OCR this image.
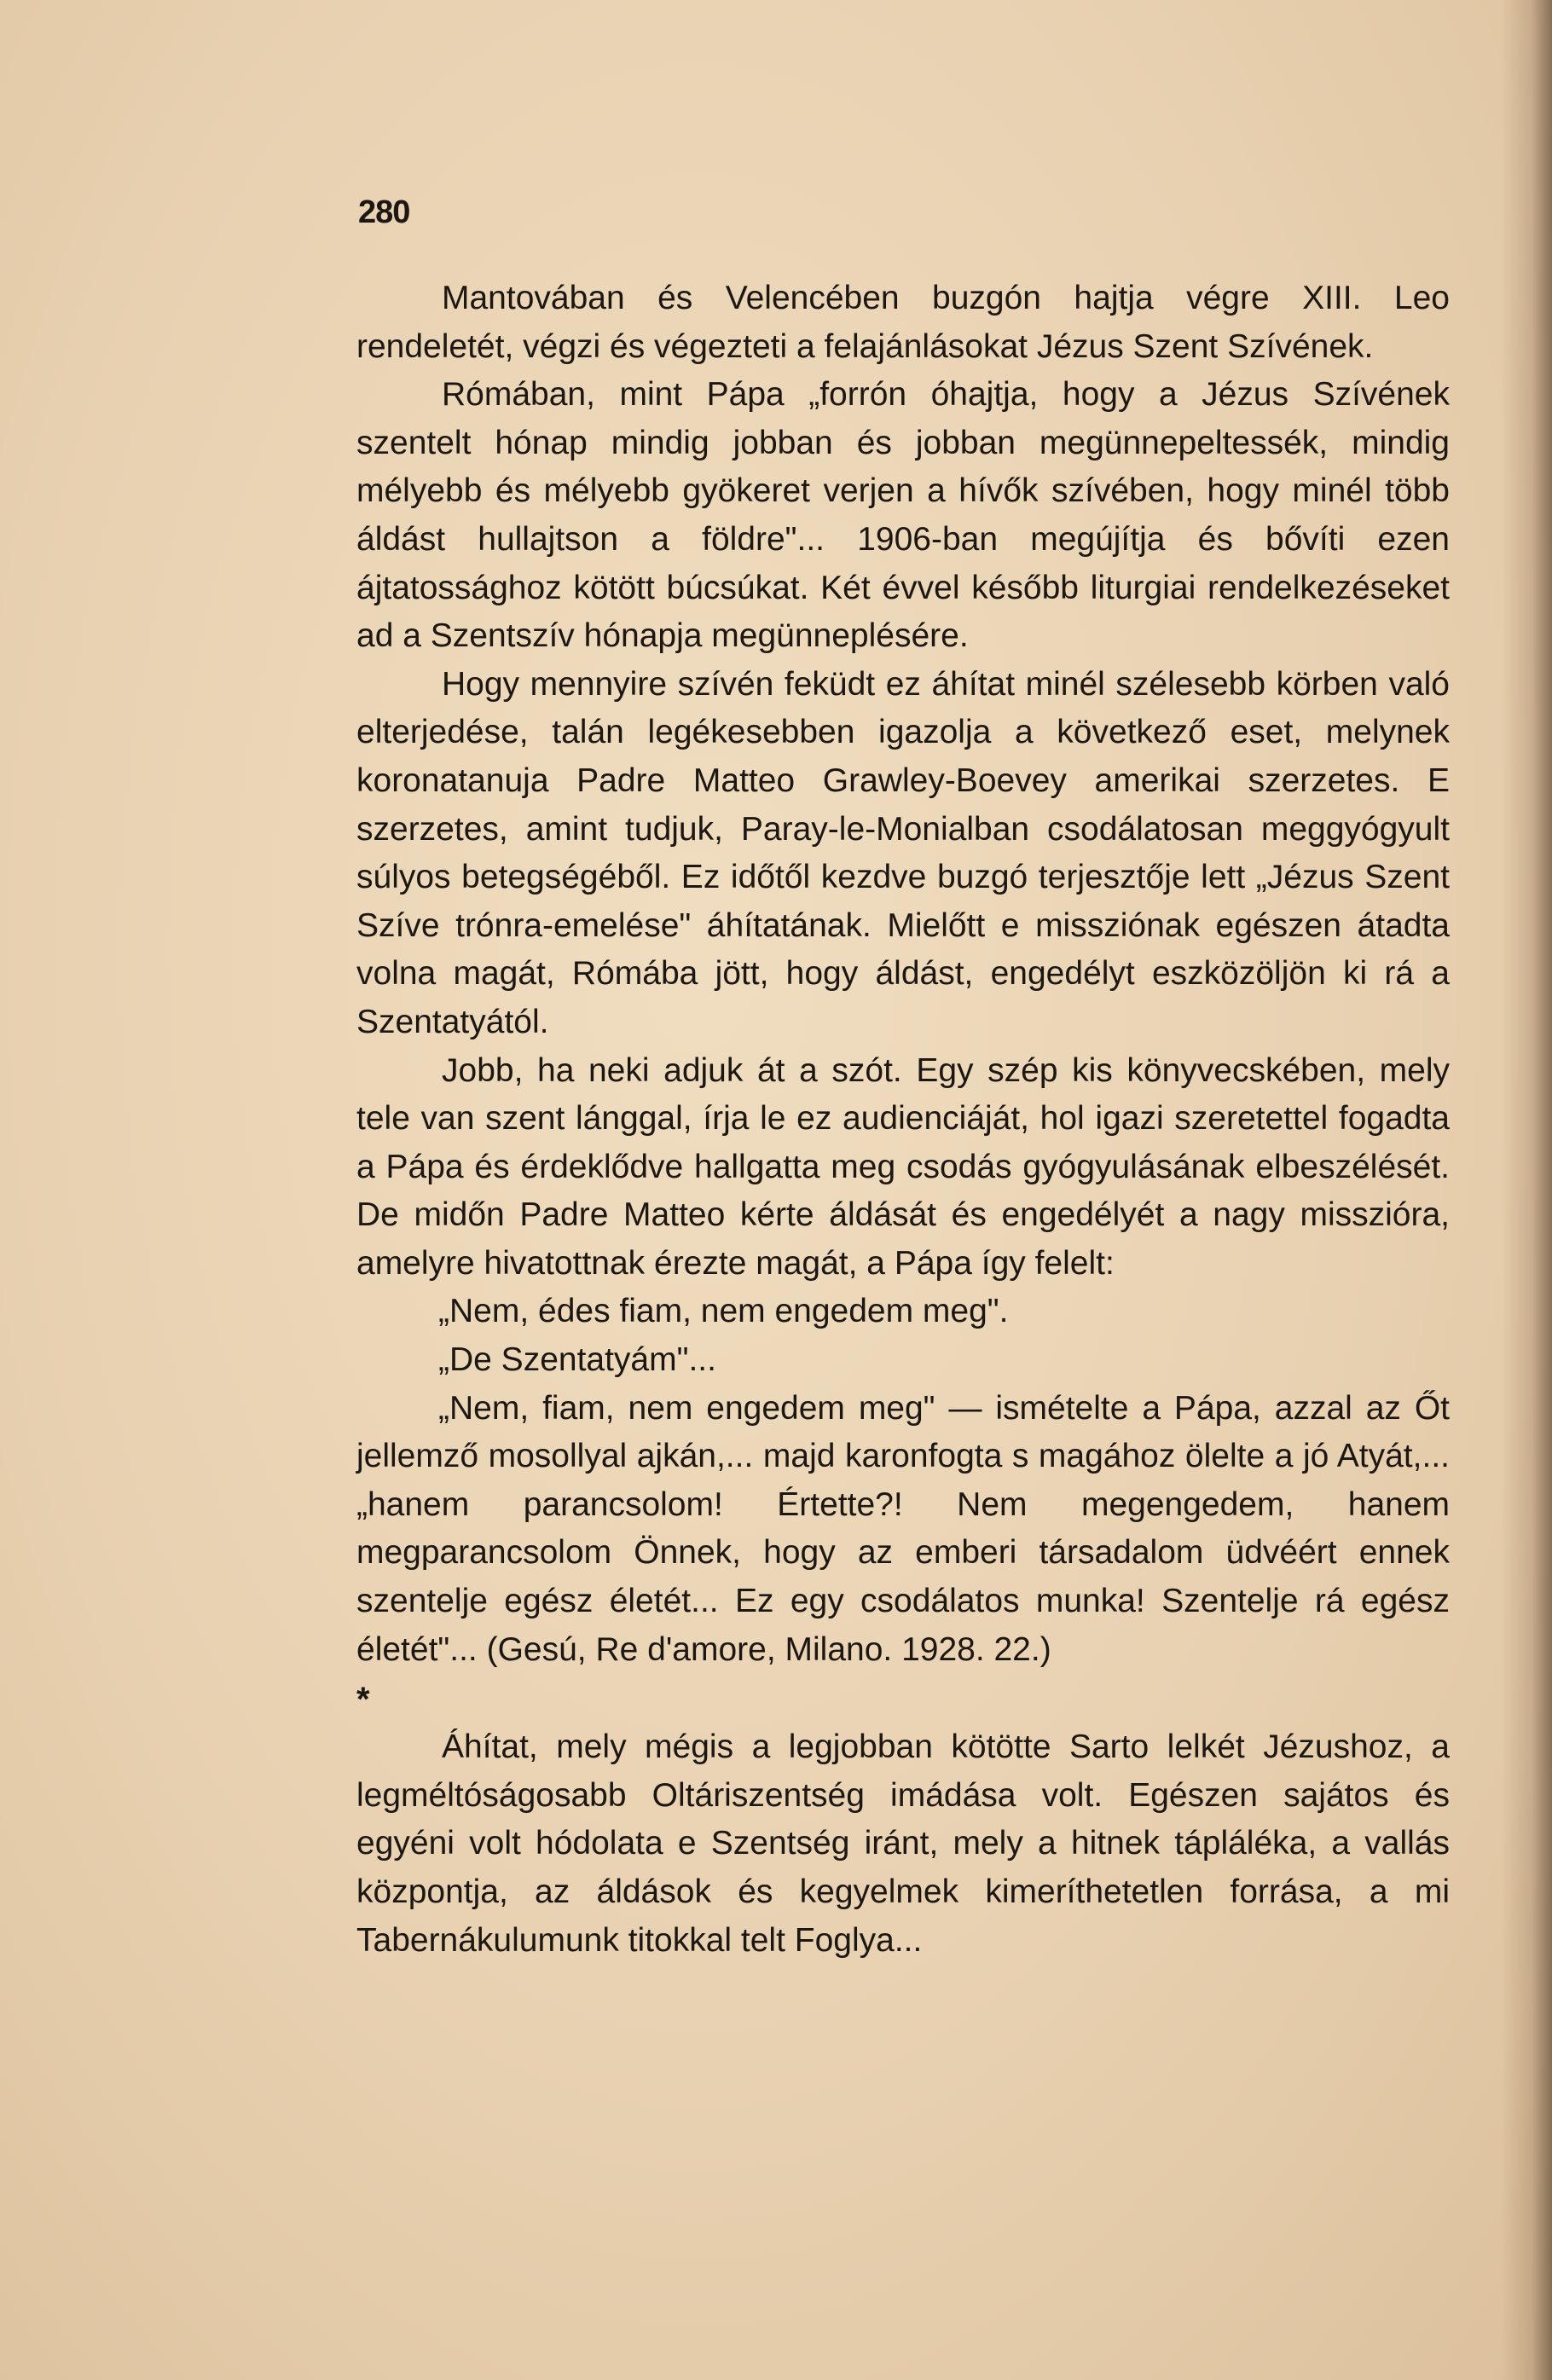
280

Mantovában és Velencében buzgón hajtja végre XIII. Leo rendeletét, végzi és végezteti a felajánlásokat Jézus Szent Szívének.

Rómában, mint Pápa „forrón óhajtja, hogy a Jézus Szívének szentelt hónap mindig jobban és jobban megünnepeltessék, mindig mélyebb és mélyebb gyökeret verjen a hívők szívében, hogy minél több áldást hullajtson a földre"... 1906-ban megújítja és bővíti ezen ájtatossághoz kötött búcsúkat. Két évvel később liturgiai rendelkezéseket ad a Szentszív hónapja megünneplésére.

Hogy mennyire szívén feküdt ez áhítat minél szélesebb körben való elterjedése, talán legékesebben igazolja a következő eset, melynek koronatanuja Padre Matteo Grawley-Boevey amerikai szerzetes. E szerzetes, amint tudjuk, Paray-le-Monialban csodálatosan meggyógyult súlyos betegségéből. Ez időtől kezdve buzgó terjesztője lett „Jézus Szent Szíve trónra-emelése" áhítatának. Mielőtt e missziónak egészen átadta volna magát, Rómába jött, hogy áldást, engedélyt eszközöljön ki rá a Szentatyától.

Jobb, ha neki adjuk át a szót. Egy szép kis könyvecskében, mely tele van szent lánggal, írja le ez audienciáját, hol igazi szeretettel fogadta a Pápa és érdeklődve hallgatta meg csodás gyógyulásának elbeszélését. De midőn Padre Matteo kérte áldását és engedélyét a nagy misszióra, amelyre hivatottnak érezte magát, a Pápa így felelt:

„Nem, édes fiam, nem engedem meg".

„De Szentatyám"...

„Nem, fiam, nem engedem meg" — ismételte a Pápa, azzal az Őt jellemző mosollyal ajkán,... majd karonfogta s magához ölelte a jó Atyát,... „hanem parancsolom! Értette?! Nem megengedem, hanem megparancsolom Önnek, hogy az emberi társadalom üdvéért ennek szentelje egész életét... Ez egy csodálatos munka! Szentelje rá egész életét"... (Gesú, Re d'amore, Milano. 1928. 22.)

*

Áhítat, mely mégis a legjobban kötötte Sarto lelkét Jézushoz, a legméltóságosabb Oltáriszentség imádása volt. Egészen sajátos és egyéni volt hódolata e Szentség iránt, mely a hitnek tápláléka, a vallás központja, az áldások és kegyelmek kimeríthetetlen forrása, a mi Tabernákulumunk titokkal telt Foglya...
